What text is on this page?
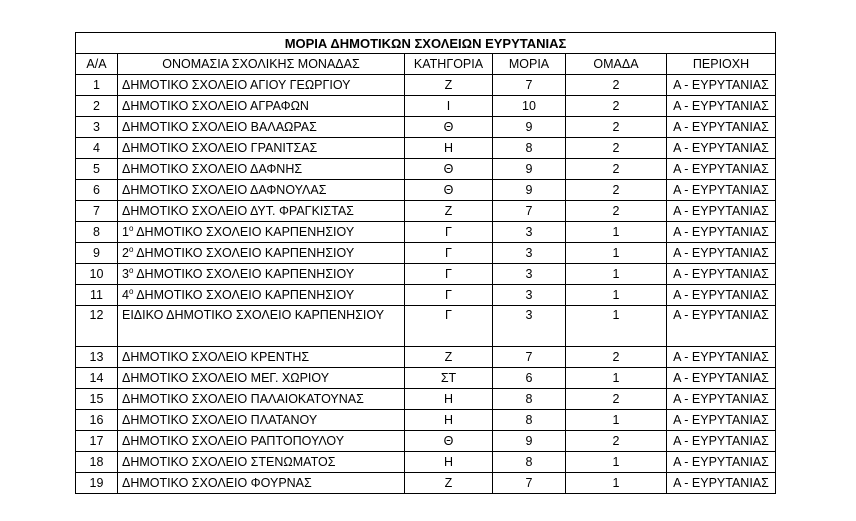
ΜΟΡΙΑ ΔΗΜΟΤΙΚΩΝ ΣΧΟΛΕΙΩΝ ΕΥΡΥΤΑΝΙΑΣ					
Α/Α	ΟΝΟΜΑΣΙΑ ΣΧΟΛΙΚΗΣ ΜΟΝΑΔΑΣ	ΚΑΤΗΓΟΡΙΑ	ΜΟΡΙΑ	ΟΜΑΔΑ	ΠΕΡΙΟΧΗ
1	ΔΗΜΟΤΙΚΟ ΣΧΟΛΕΙΟ ΑΓΙΟΥ ΓΕΩΡΓΙΟΥ	Ζ	7	2	Α - ΕΥΡΥΤΑΝΙΑΣ
2	ΔΗΜΟΤΙΚΟ ΣΧΟΛΕΙΟ ΑΓΡΑΦΩΝ	Ι	10	2	Α - ΕΥΡΥΤΑΝΙΑΣ
3	ΔΗΜΟΤΙΚΟ ΣΧΟΛΕΙΟ ΒΑΛΑΩΡΑΣ	Θ	9	2	Α - ΕΥΡΥΤΑΝΙΑΣ
4	ΔΗΜΟΤΙΚΟ ΣΧΟΛΕΙΟ ΓΡΑΝΙΤΣΑΣ	Η	8	2	Α - ΕΥΡΥΤΑΝΙΑΣ
5	ΔΗΜΟΤΙΚΟ ΣΧΟΛΕΙΟ ΔΑΦΝΗΣ	Θ	9	2	Α - ΕΥΡΥΤΑΝΙΑΣ
6	ΔΗΜΟΤΙΚΟ ΣΧΟΛΕΙΟ ΔΑΦΝΟΥΛΑΣ	Θ	9	2	Α - ΕΥΡΥΤΑΝΙΑΣ
7	ΔΗΜΟΤΙΚΟ ΣΧΟΛΕΙΟ ΔΥΤ. ΦΡΑΓΚΙΣΤΑΣ	Ζ	7	2	Α - ΕΥΡΥΤΑΝΙΑΣ
8	$1^o$ ΔΗΜΟΤΙΚΟ ΣΧΟΛΕΙΟ ΚΑΡΠΕΝΗΣΙΟΥ	Γ	3	1	Α - ΕΥΡΥΤΑΝΙΑΣ
9	$2^o$ ΔΗΜΟΤΙΚΟ ΣΧΟΛΕΙΟ ΚΑΡΠΕΝΗΣΙΟΥ	Γ	3	1	Α - ΕΥΡΥΤΑΝΙΑΣ
10	$3^o$ ΔΗΜΟΤΙΚΟ ΣΧΟΛΕΙΟ ΚΑΡΠΕΝΗΣΙΟΥ	Γ	3	1	Α - ΕΥΡΥΤΑΝΙΑΣ
11	$4^o$ ΔΗΜΟΤΙΚΟ ΣΧΟΛΕΙΟ ΚΑΡΠΕΝΗΣΙΟΥ	Γ	3	1	Α - ΕΥΡΥΤΑΝΙΑΣ
12	ΕΙΔΙΚΟ ΔΗΜΟΤΙΚΟ ΣΧΟΛΕΙΟ ΚΑΡΠΕΝΗΣΙΟΥ	Γ	3	1	Α - ΕΥΡΥΤΑΝΙΑΣ
13	ΔΗΜΟΤΙΚΟ ΣΧΟΛΕΙΟ ΚΡΕΝΤΗΣ	Ζ	7	2	Α - ΕΥΡΥΤΑΝΙΑΣ
14	ΔΗΜΟΤΙΚΟ ΣΧΟΛΕΙΟ ΜΕΓ. ΧΩΡΙΟΥ	ΣΤ	6	1	Α - ΕΥΡΥΤΑΝΙΑΣ
15	ΔΗΜΟΤΙΚΟ ΣΧΟΛΕΙΟ ΠΑΛΑΙΟΚΑΤΟΥΝΑΣ	Η	8	2	Α - ΕΥΡΥΤΑΝΙΑΣ
16	ΔΗΜΟΤΙΚΟ ΣΧΟΛΕΙΟ ΠΛΑΤΑΝΟΥ	Η	8	1	Α - ΕΥΡΥΤΑΝΙΑΣ
17	ΔΗΜΟΤΙΚΟ ΣΧΟΛΕΙΟ ΡΑΠΤΟΠΟΥΛΟΥ	Θ	9	2	Α - ΕΥΡΥΤΑΝΙΑΣ
18	ΔΗΜΟΤΙΚΟ ΣΧΟΛΕΙΟ ΣΤΕΝΩΜΑΤΟΣ	Η	8	1	Α - ΕΥΡΥΤΑΝΙΑΣ
19	ΔΗΜΟΤΙΚΟ ΣΧΟΛΕΙΟ ΦΟΥΡΝΑΣ	Ζ	7	1	Α - ΕΥΡΥΤΑΝΙΑΣ
